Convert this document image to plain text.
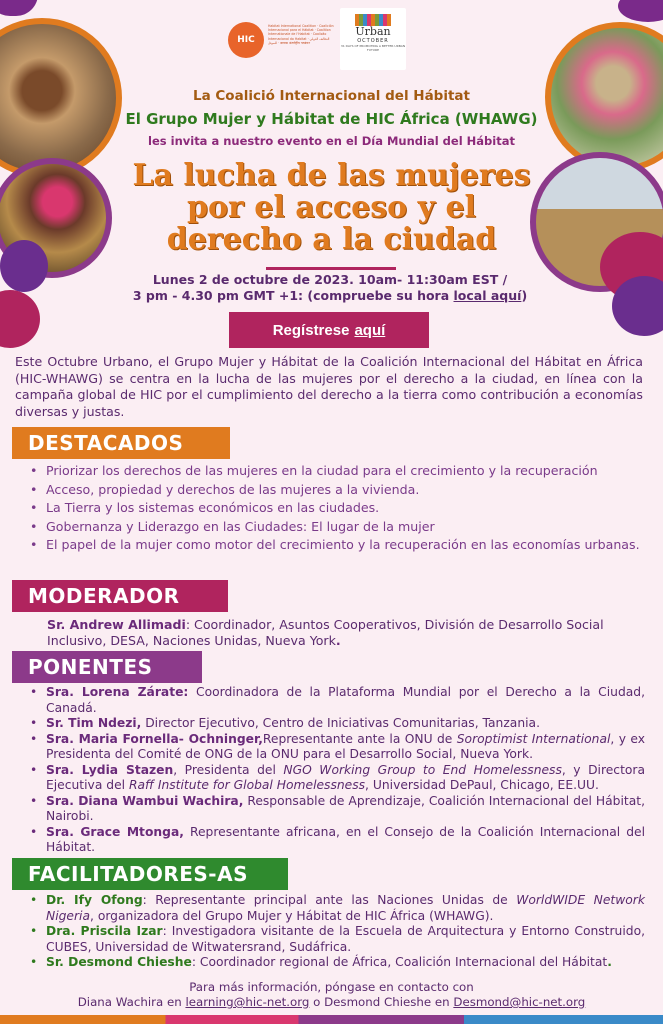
HIC
Habitat International Coalition · Coalición Internacional para el Hábitat · Coalition Internationale de l'Habitat · Coalizão Internacional do Habitat · التحالف الدولي للموئل · आवास अंतर्राष्ट्रीय गठबंधन
Urban
OCTOBER
31 DAYS OF PROMOTING A BETTER URBAN FUTURE
La Coalició Internacional del Hábitat
El Grupo Mujer y Hábitat de HIC África (WHAWG)
les invita a nuestro evento en el Día Mundial del Hábitat
La lucha de las mujeres por el acceso y el derecho a la ciudad
Lunes 2 de octubre de 2023. 10am- 11:30am EST /
3 pm - 4.30 pm GMT +1: (compruebe su hora local aquí)
Regístrese aquí
Este Octubre Urbano, el Grupo Mujer y Hábitat de la Coalición Internacional del Hábitat en África (HIC-WHAWG) se centra en la lucha de las mujeres por el derecho a la ciudad, en línea con la campaña global de HIC por el cumplimiento del derecho a la tierra como contribución a economías diversas y justas.
DESTACADOS
• Priorizar los derechos de las mujeres en la ciudad para el crecimiento y la recuperación
• Acceso, propiedad y derechos de las mujeres a la vivienda.
• La Tierra y los sistemas económicos en las ciudades.
• Gobernanza y Liderazgo en las Ciudades: El lugar de la mujer
• El papel de la mujer como motor del crecimiento y la recuperación en las economías urbanas.
MODERADOR
Sr. Andrew Allimadi: Coordinador, Asuntos Cooperativos, División de Desarrollo Social Inclusivo, DESA, Naciones Unidas, Nueva York.
PONENTES
• Sra. Lorena Zárate: Coordinadora de la Plataforma Mundial por el Derecho a la Ciudad, Canadá.
• Sr. Tim Ndezi, Director Ejecutivo, Centro de Iniciativas Comunitarias, Tanzania.
• Sra. Maria Fornella- Ochninger,Representante ante la ONU de Soroptimist International, y ex Presidenta del Comité de ONG de la ONU para el Desarrollo Social, Nueva York.
• Sra. Lydia Stazen, Presidenta del NGO Working Group to End Homelessness, y Directora Ejecutiva del Raff Institute for Global Homelessness, Universidad DePaul, Chicago, EE.UU.
• Sra. Diana Wambui Wachira, Responsable de Aprendizaje, Coalición Internacional del Hábitat, Nairobi.
• Sra. Grace Mtonga, Representante africana, en el Consejo de la Coalición Internacional del Hábitat.
FACILITADORES-AS
• Dr. Ify Ofong: Representante principal ante las Naciones Unidas de WorldWIDE Network Nigeria, organizadora del Grupo Mujer y Hábitat de HIC África (WHAWG).
• Dra. Priscila Izar: Investigadora visitante de la Escuela de Arquitectura y Entorno Construido, CUBES, Universidad de Witwatersrand, Sudáfrica.
• Sr. Desmond Chieshe: Coordinador regional de África, Coalición Internacional del Hábitat.
Para más información, póngase en contacto con
Diana Wachira en learning@hic-net.org o Desmond Chieshe en Desmond@hic-net.org
